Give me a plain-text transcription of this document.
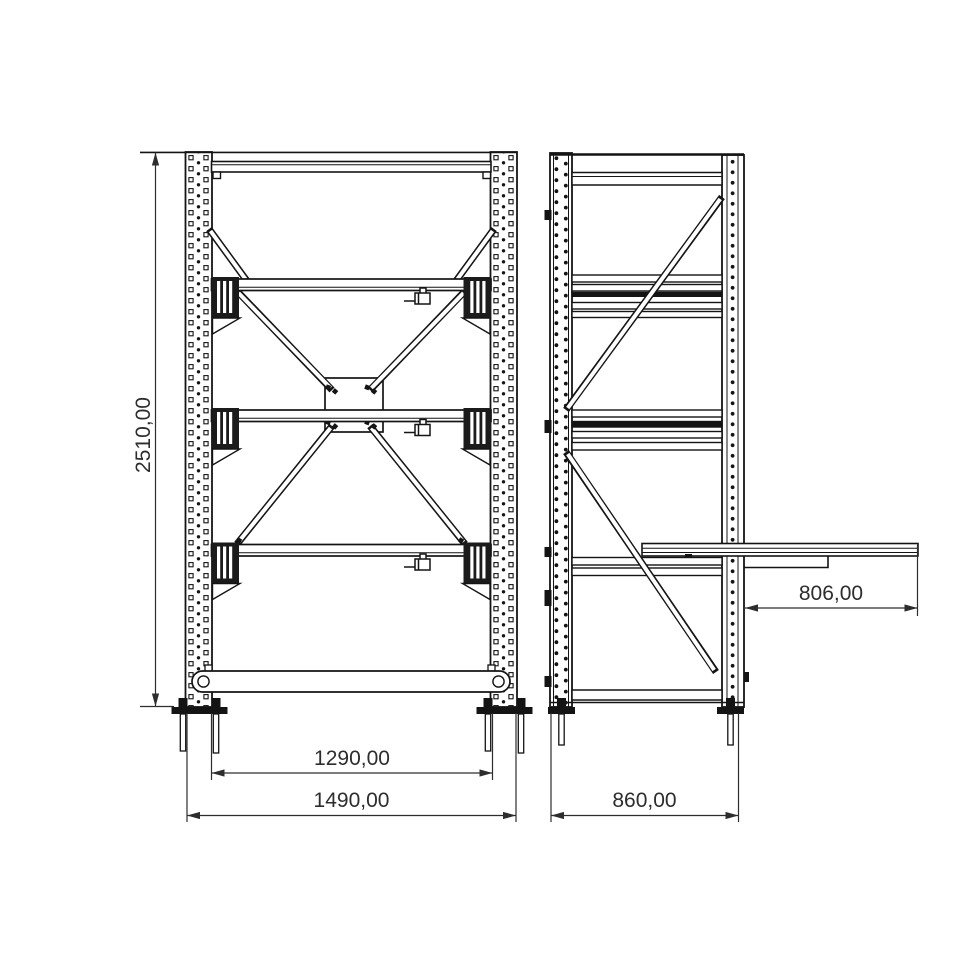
2510,00
1290,00
1490,00	860,00
806,00
